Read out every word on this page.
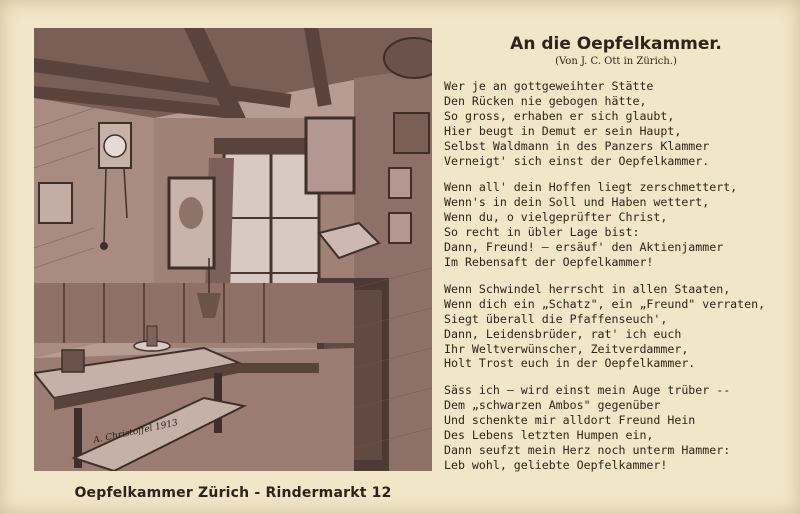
A. Christoffel 1913
Oepfelkammer Zürich - Rindermarkt 12
An die Oepfelkammer.
(Von J. C. Ott in Zürich.)
Wer je an gottgeweihter Stätte
Den Rücken nie gebogen hätte,
So gross, erhaben er sich glaubt,
Hier beugt in Demut er sein Haupt,
Selbst Waldmann in des Panzers Klammer
Verneigt' sich einst der Oepfelkammer.
Wenn all' dein Hoffen liegt zerschmettert,
Wenn's in dein Soll und Haben wettert,
Wenn du, o vielgeprüfter Christ,
So recht in übler Lage bist:
Dann, Freund! — ersäuf' den Aktienjammer
Im Rebensaft der Oepfelkammer!
Wenn Schwindel herrscht in allen Staaten,
Wenn dich ein „Schatz", ein „Freund" verraten,
Siegt überall die Pfaffenseuch',
Dann, Leidensbrüder, rat' ich euch
Ihr Weltverwünscher, Zeitverdammer,
Holt Trost euch in der Oepfelkammer.
Säss ich — wird einst mein Auge trüber --
Dem „schwarzen Ambos" gegenüber
Und schenkte mir alldort Freund Hein
Des Lebens letzten Humpen ein,
Dann seufzt mein Herz noch unterm Hammer:
Leb wohl, geliebte Oepfelkammer!
